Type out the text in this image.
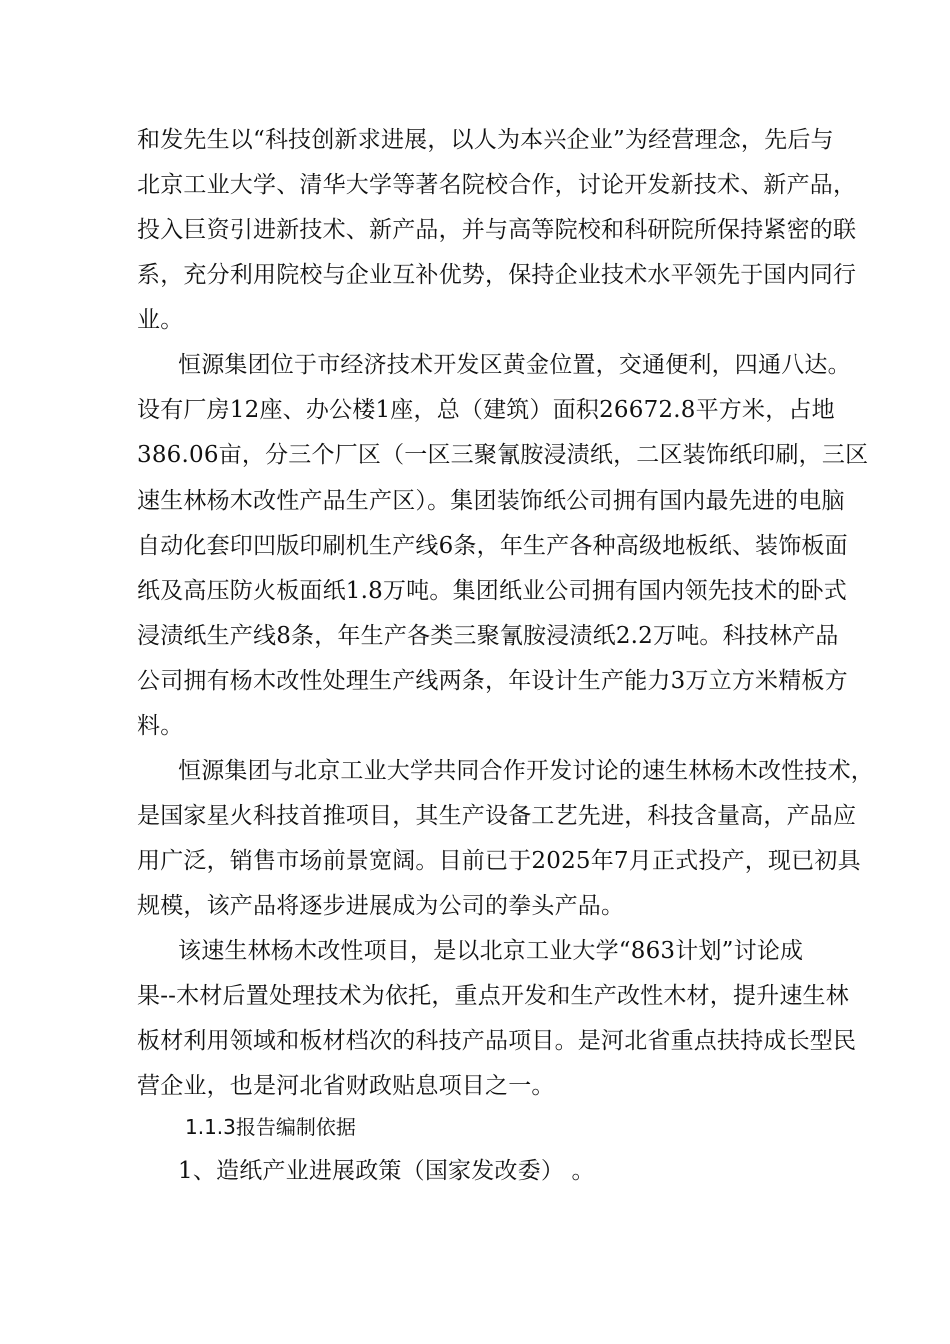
和发先生以“科技创新求进展，以人为本兴企业”为经营理念，先后与
北京工业大学、清华大学等著名院校合作，讨论开发新技术、新产品，
投入巨资引进新技术、新产品，并与高等院校和科研院所保持紧密的联
系，充分利用院校与企业互补优势，保持企业技术水平领先于国内同行
业。
恒源集团位于市经济技术开发区黄金位置，交通便利，四通八达。
设有厂房12座、办公楼1座，总（建筑）面积26672.8平方米，占地
386.06亩，分三个厂区（一区三聚氰胺浸渍纸，二区装饰纸印刷，三区
速生林杨木改性产品生产区）。集团装饰纸公司拥有国内最先进的电脑
自动化套印凹版印刷机生产线6条，年生产各种高级地板纸、装饰板面
纸及高压防火板面纸1.8万吨。集团纸业公司拥有国内领先技术的卧式
浸渍纸生产线8条，年生产各类三聚氰胺浸渍纸2.2万吨。科技林产品
公司拥有杨木改性处理生产线两条，年设计生产能力3万立方米精板方
料。
恒源集团与北京工业大学共同合作开发讨论的速生林杨木改性技术，
是国家星火科技首推项目，其生产设备工艺先进，科技含量高，产品应
用广泛，销售市场前景宽阔。目前已于2025年7月正式投产，现已初具
规模，该产品将逐步进展成为公司的拳头产品。
该速生林杨木改性项目，是以北京工业大学“863计划”讨论成
果--木材后置处理技术为依托，重点开发和生产改性木材，提升速生林
板材利用领域和板材档次的科技产品项目。是河北省重点扶持成长型民
营企业，也是河北省财政贴息项目之一。
1.1.3报告编制依据
1、造纸产业进展政策（国家发改委） 。
